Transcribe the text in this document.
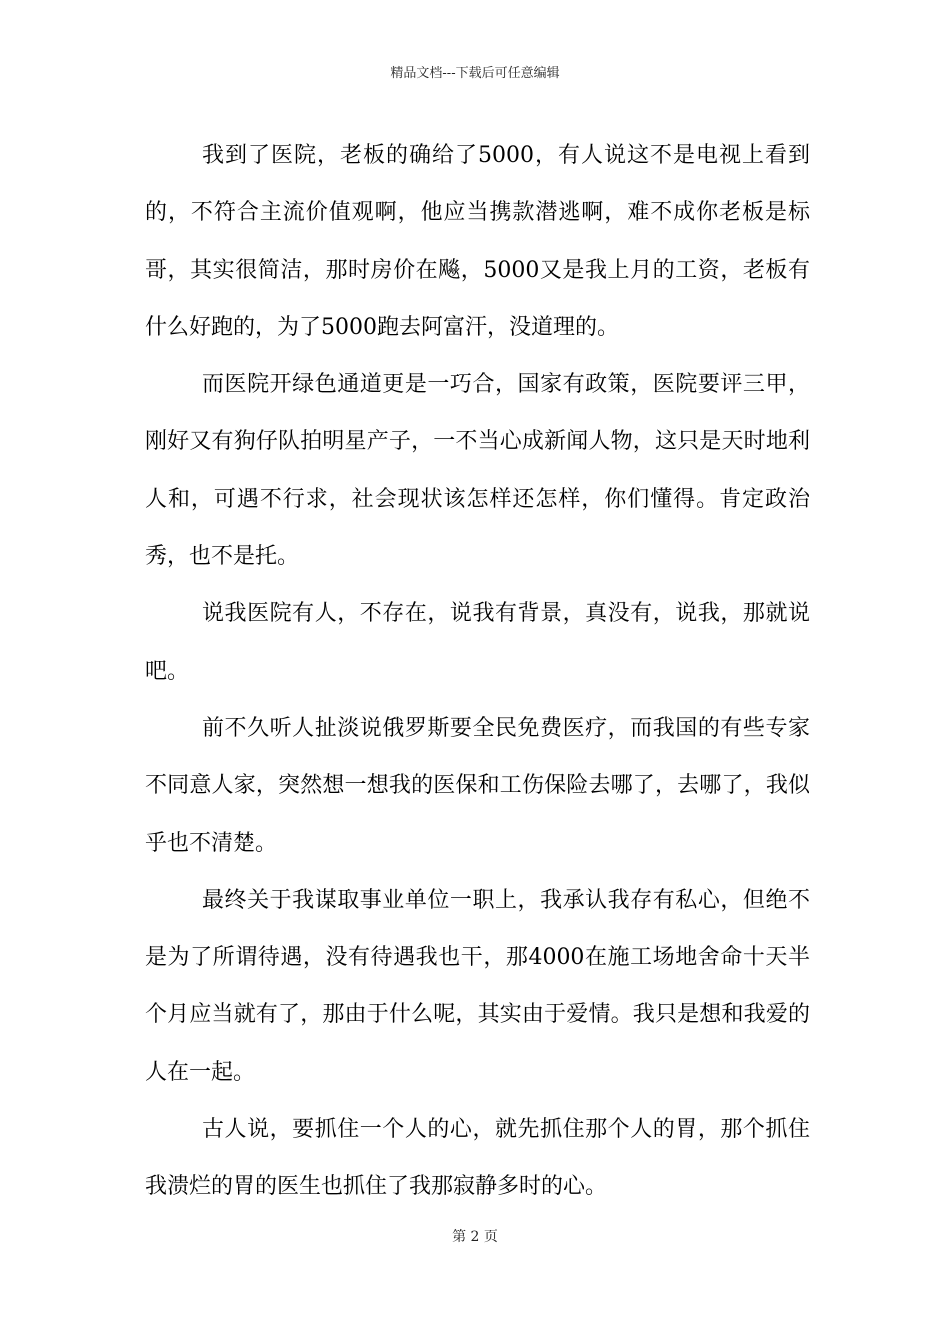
精品文档---下载后可任意编辑

我到了医院，老板的确给了5000，有人说这不是电视上看到的，不符合主流价值观啊，他应当携款潜逃啊，难不成你老板是标哥，其实很简洁，那时房价在飚，5000又是我上月的工资，老板有什么好跑的，为了5000跑去阿富汗，没道理的。

而医院开绿色通道更是一巧合，国家有政策，医院要评三甲，刚好又有狗仔队拍明星产子，一不当心成新闻人物，这只是天时地利人和，可遇不行求，社会现状该怎样还怎样，你们懂得。肯定政治秀，也不是托。

说我医院有人，不存在，说我有背景，真没有，说我，那就说吧。

前不久听人扯淡说俄罗斯要全民免费医疗，而我国的有些专家不同意人家，突然想一想我的医保和工伤保险去哪了，去哪了，我似乎也不清楚。

最终关于我谋取事业单位一职上，我承认我存有私心，但绝不是为了所谓待遇，没有待遇我也干，那4000在施工场地舍命十天半个月应当就有了，那由于什么呢，其实由于爱情。我只是想和我爱的人在一起。

古人说，要抓住一个人的心，就先抓住那个人的胃，那个抓住我溃烂的胃的医生也抓住了我那寂静多时的心。

第 2 页
